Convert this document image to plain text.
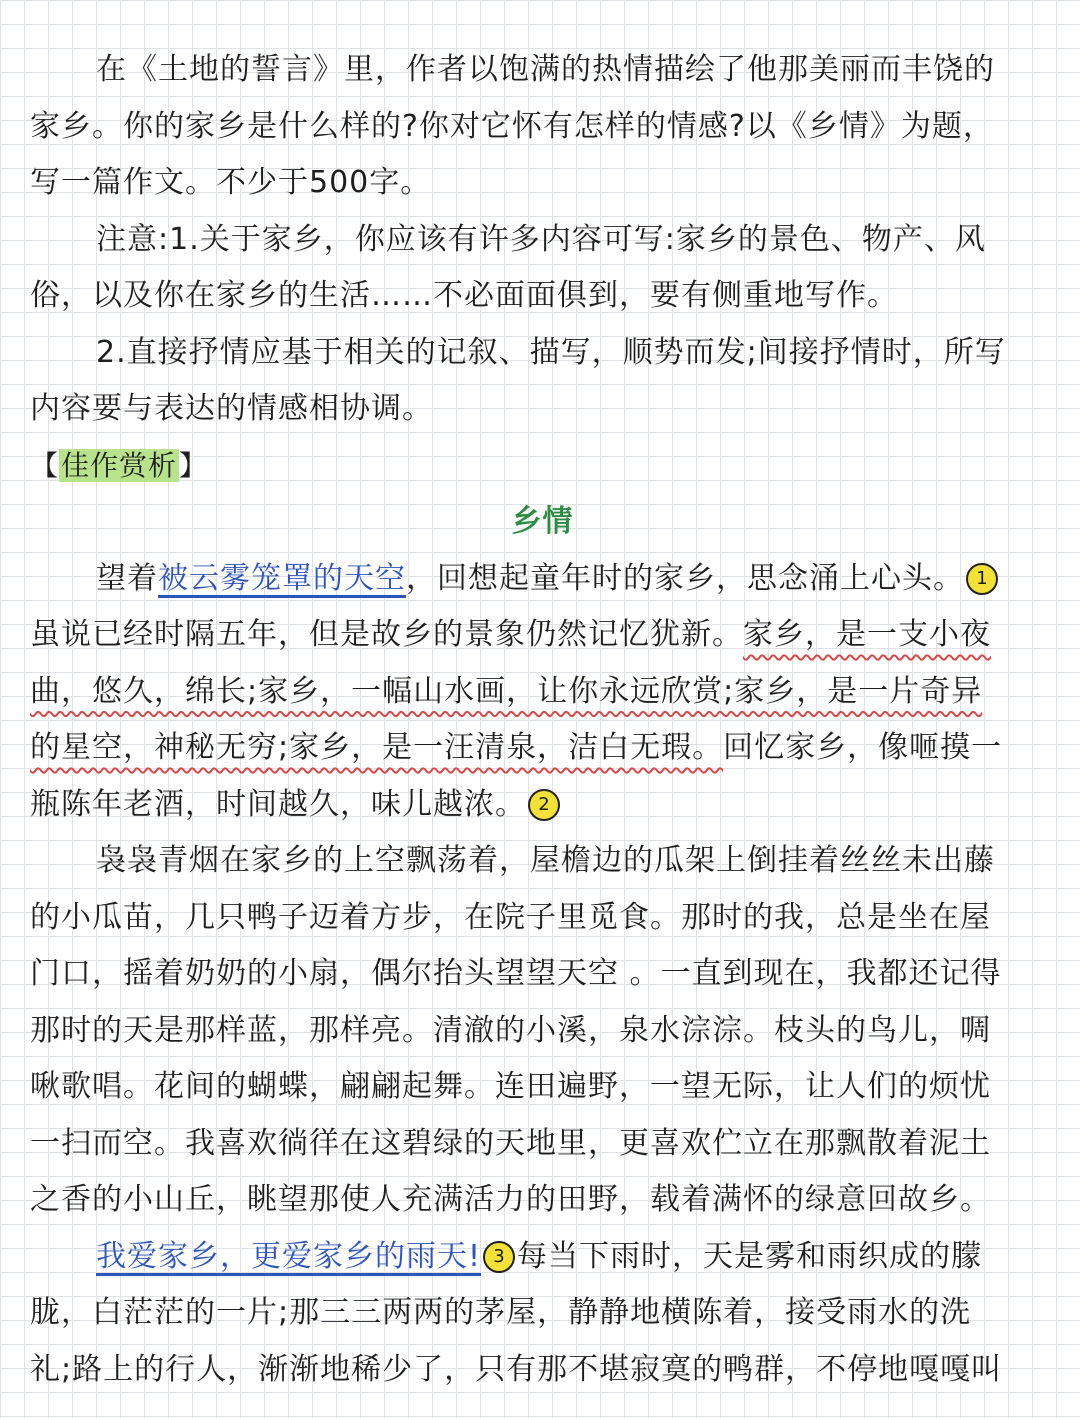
在《土地的誓言》里，作者以饱满的热情描绘了他那美丽而丰饶的
家乡。你的家乡是什么样的?你对它怀有怎样的情感?以《乡情》为题，
写一篇作文。不少于500字。
注意:1.关于家乡，你应该有许多内容可写:家乡的景色、物产、风
俗，以及你在家乡的生活……不必面面俱到，要有侧重地写作。
2.直接抒情应基于相关的记叙、描写，顺势而发;间接抒情时，所写
内容要与表达的情感相协调。
【佳作赏析】
乡情
望着被云雾笼罩的天空，回想起童年时的家乡，思念涌上心头。 1
虽说已经时隔五年，但是故乡的景象仍然记忆犹新。家乡，是一支小夜
曲，悠久，绵长;家乡，一幅山水画，让你永远欣赏;家乡，是一片奇异
的星空，神秘无穷;家乡，是一汪清泉，洁白无瑕。回忆家乡，像咂摸一
瓶陈年老酒，时间越久，味儿越浓。 2
袅袅青烟在家乡的上空飘荡着，屋檐边的瓜架上倒挂着丝丝未出藤
的小瓜苗，几只鸭子迈着方步，在院子里觅食。那时的我，总是坐在屋
门口，摇着奶奶的小扇，偶尔抬头望望天空 。一直到现在，我都还记得
那时的天是那样蓝，那样亮。清澈的小溪，泉水淙淙。枝头的鸟儿，啁
啾歌唱。花间的蝴蝶，翩翩起舞。连田遍野，一望无际，让人们的烦忧
一扫而空。我喜欢徜徉在这碧绿的天地里，更喜欢伫立在那飘散着泥土
之香的小山丘，眺望那使人充满活力的田野，载着满怀的绿意回故乡。
我爱家乡，更爱家乡的雨天! 3 每当下雨时，天是雾和雨织成的朦
胧，白茫茫的一片;那三三两两的茅屋，静静地横陈着，接受雨水的洗
礼;路上的行人，渐渐地稀少了，只有那不堪寂寞的鸭群，不停地嘎嘎叫
